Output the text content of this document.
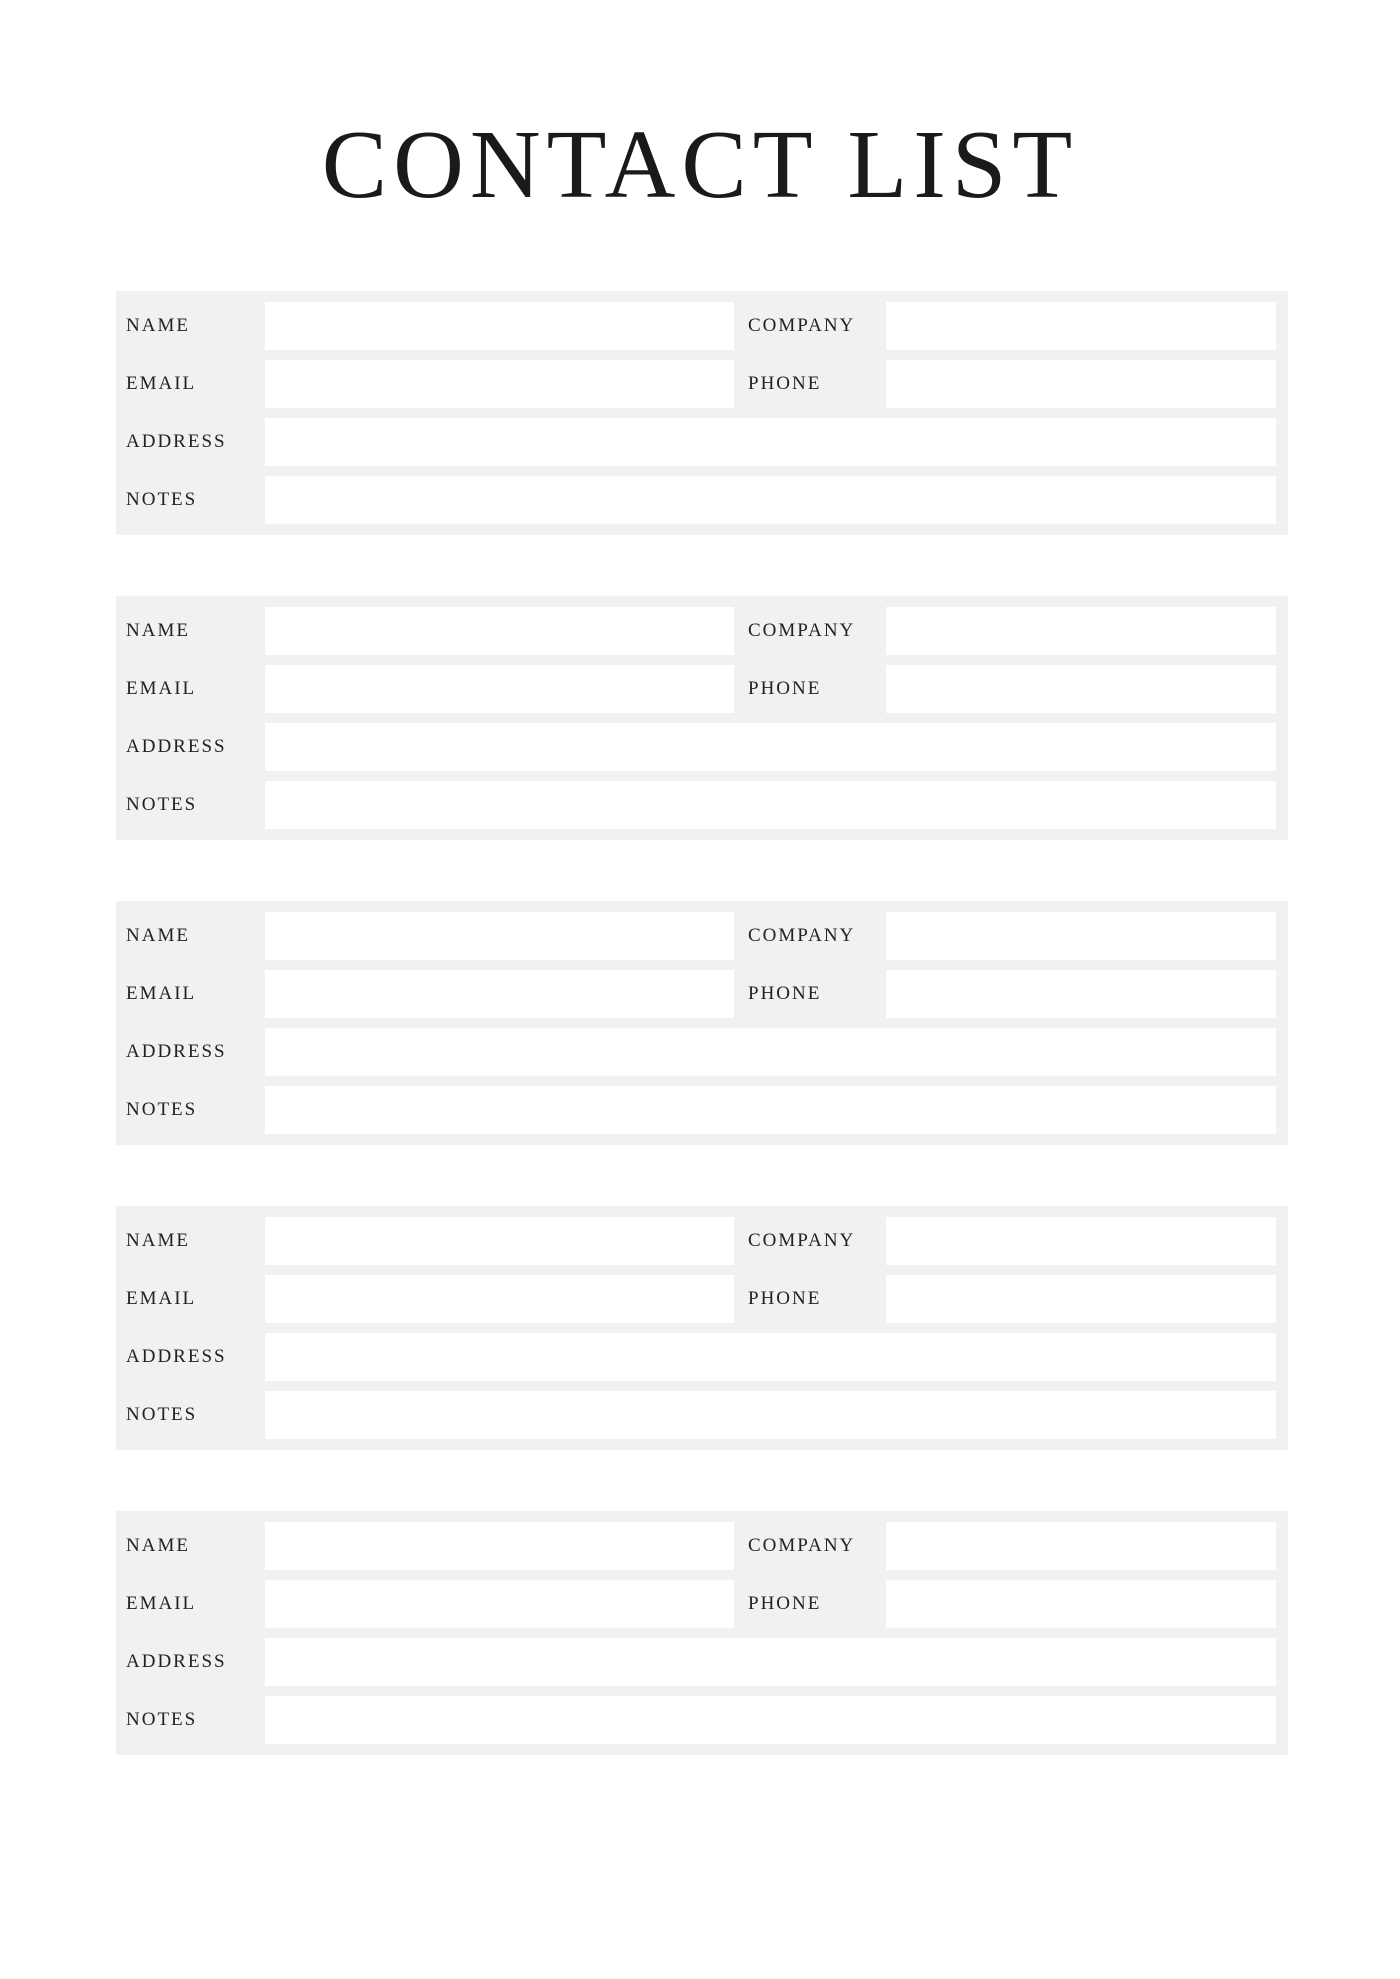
CONTACT LIST
NAME	COMPANY
EMAIL	PHONE
ADDRESS
NOTES
NAME	COMPANY
EMAIL	PHONE
ADDRESS
NOTES
NAME	COMPANY
EMAIL	PHONE
ADDRESS
NOTES
NAME	COMPANY
EMAIL	PHONE
ADDRESS
NOTES
NAME	COMPANY
EMAIL	PHONE
ADDRESS
NOTES
